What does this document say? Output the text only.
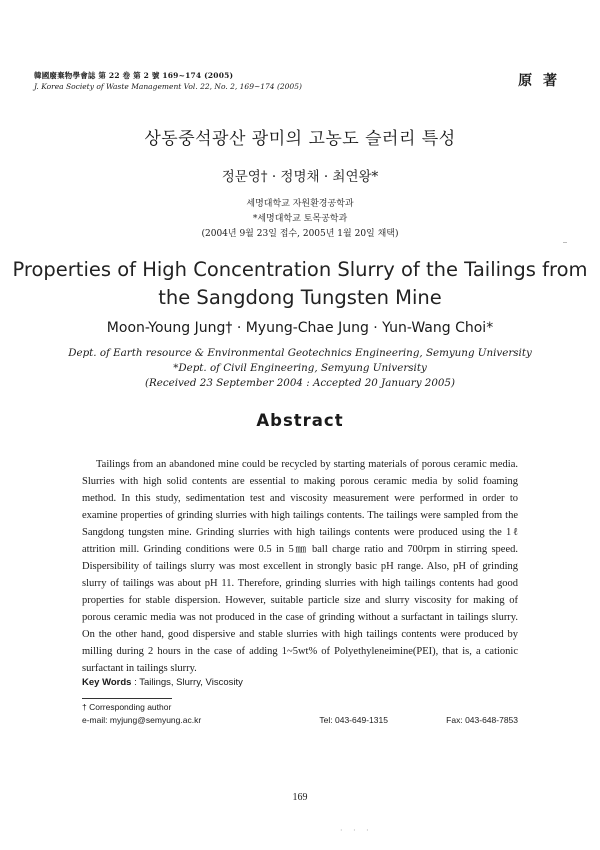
韓國廢棄物學會誌 第 22 卷 第 2 號 169~174 (2005)
J. Korea Society of Waste Management Vol. 22, No. 2, 169~174 (2005)	原 著
상동중석광산 광미의 고농도 슬러리 특성
정문영† · 정명채 · 최연왕*
세명대학교 자원환경공학과
*세명대학교 토목공학과
(2004년 9월 23일 접수, 2005년 1월 20일 채택)
Properties of High Concentration Slurry of the Tailings from
the Sangdong Tungsten Mine
Moon-Young Jung† · Myung-Chae Jung · Yun-Wang Choi*
Dept. of Earth resource & Environmental Geotechnics Engineering, Semyung University
*Dept. of Civil Engineering, Semyung University
(Received 23 September 2004 : Accepted 20 January 2005)
Abstract
Tailings from an abandoned mine could be recycled by starting materials of porous ceramic media. Slurries with high solid contents are essential to making porous ceramic media by solid foaming method. In this study, sedimentation test and viscosity measurement were performed in order to examine properties of grinding slurries with high tailings contents. The tailings were sampled from the Sangdong tungsten mine. Grinding slurries with high tailings contents were produced using the 1ℓ attrition mill. Grinding conditions were 0.5 in 5㎜ ball charge ratio and 700rpm in stirring speed. Dispersibility of tailings slurry was most excellent in strongly basic pH range. Also, pH of grinding slurry of tailings was about pH 11. Therefore, grinding slurries with high tailings contents had good properties for stable dispersion. However, suitable particle size and slurry viscosity for making of porous ceramic media was not produced in the case of grinding without a surfactant in tailings slurry. On the other hand, good dispersive and stable slurries with high tailings contents were produced by milling during 2 hours in the case of adding 1~5wt% of Polyethyleneimine(PEI), that is, a cationic surfactant in tailings slurry.
Key Words : Tailings, Slurry, Viscosity
† Corresponding author
e-mail: myjung@semyung.ac.kr	Tel: 043-649-1315	Fax: 043-648-7853
169
· · ·
